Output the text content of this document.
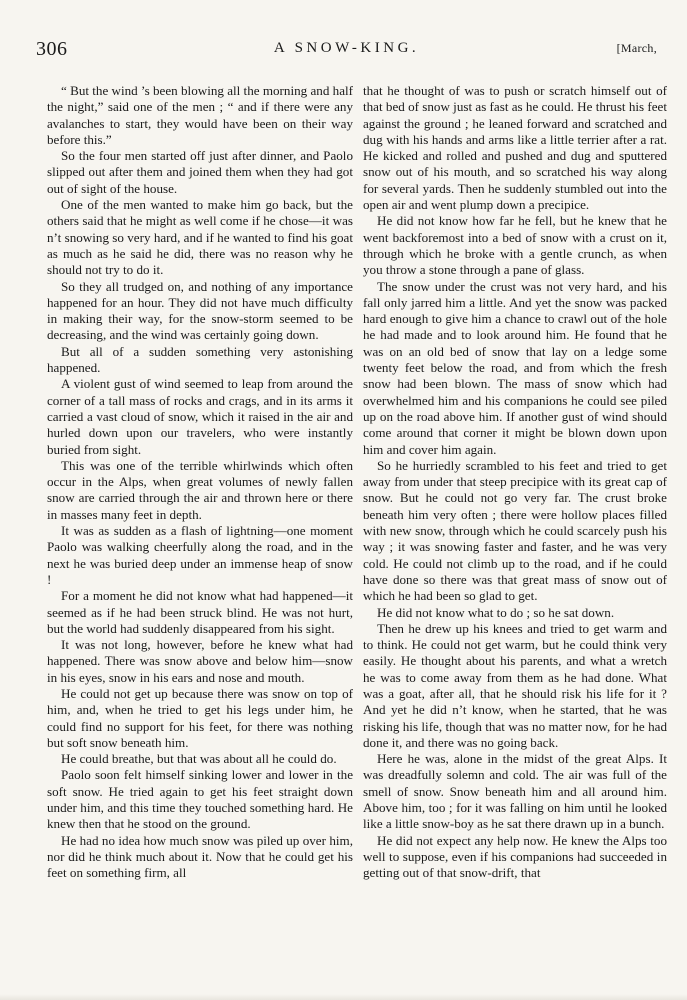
306	A SNOW-KING.	[March,

“ But the wind ’s been blowing all the morning and half the night,” said one of the men ; “ and if there were any avalanches to start, they would have been on their way before this.”

So the four men started off just after dinner, and Paolo slipped out after them and joined them when they had got out of sight of the house.

One of the men wanted to make him go back, but the others said that he might as well come if he chose—it was n’t snowing so very hard, and if he wanted to find his goat as much as he said he did, there was no reason why he should not try to do it.

So they all trudged on, and nothing of any importance happened for an hour. They did not have much difficulty in making their way, for the snow-storm seemed to be decreasing, and the wind was certainly going down.

But all of a sudden something very astonishing happened.

A violent gust of wind seemed to leap from around the corner of a tall mass of rocks and crags, and in its arms it carried a vast cloud of snow, which it raised in the air and hurled down upon our travelers, who were instantly buried from sight.

This was one of the terrible whirlwinds which often occur in the Alps, when great volumes of newly fallen snow are carried through the air and thrown here or there in masses many feet in depth.

It was as sudden as a flash of lightning—one moment Paolo was walking cheerfully along the road, and in the next he was buried deep under an immense heap of snow !

For a moment he did not know what had happened—it seemed as if he had been struck blind. He was not hurt, but the world had suddenly disappeared from his sight.

It was not long, however, before he knew what had happened. There was snow above and below him—snow in his eyes, snow in his ears and nose and mouth.

He could not get up because there was snow on top of him, and, when he tried to get his legs under him, he could find no support for his feet, for there was nothing but soft snow beneath him.

He could breathe, but that was about all he could do.

Paolo soon felt himself sinking lower and lower in the soft snow. He tried again to get his feet straight down under him, and this time they touched something hard. He knew then that he stood on the ground.

He had no idea how much snow was piled up over him, nor did he think much about it. Now that he could get his feet on something firm, all

that he thought of was to push or scratch himself out of that bed of snow just as fast as he could. He thrust his feet against the ground ; he leaned forward and scratched and dug with his hands and arms like a little terrier after a rat. He kicked and rolled and pushed and dug and sputtered snow out of his mouth, and so scratched his way along for several yards. Then he suddenly stumbled out into the open air and went plump down a precipice.

He did not know how far he fell, but he knew that he went backforemost into a bed of snow with a crust on it, through which he broke with a gentle crunch, as when you throw a stone through a pane of glass.

The snow under the crust was not very hard, and his fall only jarred him a little. And yet the snow was packed hard enough to give him a chance to crawl out of the hole he had made and to look around him. He found that he was on an old bed of snow that lay on a ledge some twenty feet below the road, and from which the fresh snow had been blown. The mass of snow which had overwhelmed him and his companions he could see piled up on the road above him. If another gust of wind should come around that corner it might be blown down upon him and cover him again.

So he hurriedly scrambled to his feet and tried to get away from under that steep precipice with its great cap of snow. But he could not go very far. The crust broke beneath him very often ; there were hollow places filled with new snow, through which he could scarcely push his way ; it was snowing faster and faster, and he was very cold. He could not climb up to the road, and if he could have done so there was that great mass of snow out of which he had been so glad to get.

He did not know what to do ; so he sat down.

Then he drew up his knees and tried to get warm and to think. He could not get warm, but he could think very easily. He thought about his parents, and what a wretch he was to come away from them as he had done. What was a goat, after all, that he should risk his life for it ? And yet he did n’t know, when he started, that he was risking his life, though that was no matter now, for he had done it, and there was no going back.

Here he was, alone in the midst of the great Alps. It was dreadfully solemn and cold. The air was full of the smell of snow. Snow beneath him and all around him. Above him, too ; for it was falling on him until he looked like a little snow-boy as he sat there drawn up in a bunch.

He did not expect any help now. He knew the Alps too well to suppose, even if his companions had succeeded in getting out of that snow-drift, that
